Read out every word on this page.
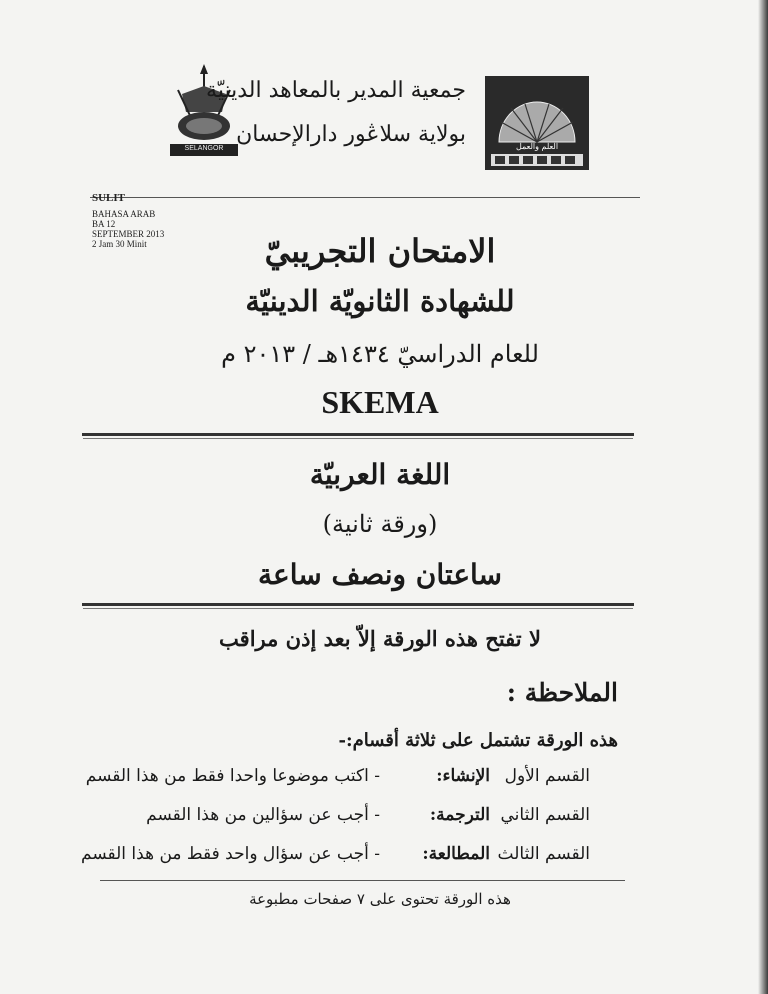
SELANGOR
جمعية المدير بالمعاهد الدينيّة
بولاية سلاڠور دارالإحسان	العلم والعمل
SULIT
BAHASA ARAB
BA 12
SEPTEMBER 2013
2 Jam 30 Minit	الامتحان التجريبيّ
للشهادة الثانويّة الدينيّة
للعام الدراسيّ ١٤٣٤هـ / ٢٠١٣ م
SKEMA
اللغة العربيّة
(ورقة ثانية)
ساعتان ونصف ساعة
لا تفتح هذه الورقة إلاّ بعد إذن مراقب
الملاحظة :
هذه الورقة تشتمل على ثلاثة أقسام:-
القسم الأول
الإنشاء:
- اكتب موضوعا واحدا فقط من هذا القسم
القسم الثاني
الترجمة:
- أجب عن سؤالين من هذا القسم
القسم الثالث
المطالعة:
- أجب عن سؤال واحد فقط من هذا القسم
هذه الورقة تحتوى على ٧ صفحات مطبوعة
